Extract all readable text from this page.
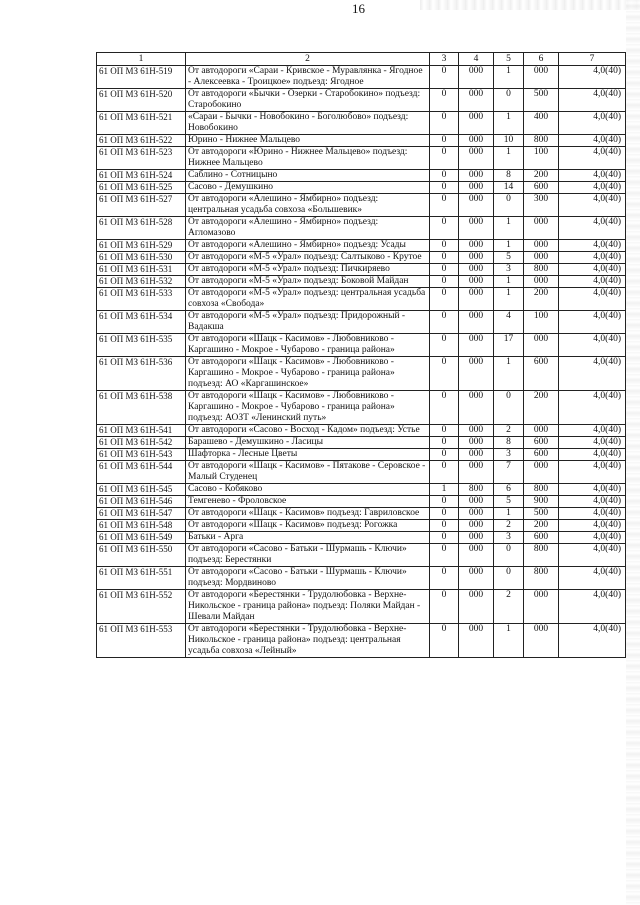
16
1	2	3	4	5	6	7
61 ОП МЗ 61Н-519	От автодороги «Сараи - Кривское - Муравлянка - Ягодное - Алексеевка - Троицкое» подъезд: Ягодное	0	000	1	000	4,0(40)
61 ОП МЗ 61Н-520	От автодороги «Бычки - Озерки - Старобокино» подъезд: Старобокино	0	000	0	500	4,0(40)
61 ОП МЗ 61Н-521	«Сараи - Бычки - Новобокино - Боголюбово» подъезд: Новобокино	0	000	1	400	4,0(40)
61 ОП МЗ 61Н-522	Юрино - Нижнее Мальцево	0	000	10	800	4,0(40)
61 ОП МЗ 61Н-523	От автодороги «Юрино - Нижнее Мальцево» подъезд: Нижнее Мальцево	0	000	1	100	4,0(40)
61 ОП МЗ 61Н-524	Саблино - Сотницыно	0	000	8	200	4,0(40)
61 ОП МЗ 61Н-525	Сасово - Демушкино	0	000	14	600	4,0(40)
61 ОП МЗ 61Н-527	От автодороги «Алешино - Ямбирно» подъезд: центральная усадьба совхоза «Большевик»	0	000	0	300	4,0(40)
61 ОП МЗ 61Н-528	От автодороги «Алешино - Ямбирно» подъезд: Агломазово	0	000	1	000	4,0(40)
61 ОП МЗ 61Н-529	От автодороги «Алешино - Ямбирно» подъезд: Усады	0	000	1	000	4,0(40)
61 ОП МЗ 61Н-530	От автодороги «М-5 «Урал» подъезд: Салтыково - Крутое	0	000	5	000	4,0(40)
61 ОП МЗ 61Н-531	От автодороги «М-5 «Урал» подъезд: Пичкиряево	0	000	3	800	4,0(40)
61 ОП МЗ 61Н-532	От автодороги «М-5 «Урал» подъезд: Боковой Майдан	0	000	1	000	4,0(40)
61 ОП МЗ 61Н-533	От автодороги «М-5 «Урал» подъезд: центральная усадьба совхоза «Свобода»	0	000	1	200	4,0(40)
61 ОП МЗ 61Н-534	От автодороги «М-5 «Урал» подъезд: Придорожный - Вадакша	0	000	4	100	4,0(40)
61 ОП МЗ 61Н-535	От автодороги «Шацк - Касимов» - Любовниково - Каргашино - Мокрое - Чубарово - граница района»	0	000	17	000	4,0(40)
61 ОП МЗ 61Н-536	От автодороги «Шацк - Касимов» - Любовниково - Каргашино - Мокрое - Чубарово - граница района» подъезд: АО «Каргашинское»	0	000	1	600	4,0(40)
61 ОП МЗ 61Н-538	От автодороги «Шацк - Касимов» - Любовниково - Каргашино - Мокрое - Чубарово - граница района» подъезд: АОЗТ «Ленинский путь»	0	000	0	200	4,0(40)
61 ОП МЗ 61Н-541	От автодороги «Сасово - Восход - Кадом» подъезд: Устье	0	000	2	000	4,0(40)
61 ОП МЗ 61Н-542	Барашево - Демушкино - Ласицы	0	000	8	600	4,0(40)
61 ОП МЗ 61Н-543	Шафторка - Лесные Цветы	0	000	3	600	4,0(40)
61 ОП МЗ 61Н-544	От автодороги «Шацк - Касимов» - Пятакове - Серовское - Малый Студенец	0	000	7	000	4,0(40)
61 ОП МЗ 61Н-545	Сасово - Кобяково	1	800	6	800	4,0(40)
61 ОП МЗ 61Н-546	Темгенево - Фроловское	0	000	5	900	4,0(40)
61 ОП МЗ 61Н-547	От автодороги «Шацк - Касимов» подъезд: Гавриловское	0	000	1	500	4,0(40)
61 ОП МЗ 61Н-548	От автодороги «Шацк - Касимов» подъезд: Рогожка	0	000	2	200	4,0(40)
61 ОП МЗ 61Н-549	Батьки - Арга	0	000	3	600	4,0(40)
61 ОП МЗ 61Н-550	От автодороги «Сасово - Батьки - Шурмашь - Ключи» подъезд: Берестянки	0	000	0	800	4,0(40)
61 ОП МЗ 61Н-551	От автодороги «Сасово - Батьки - Шурмашь - Ключи» подъезд: Мордвиново	0	000	0	800	4,0(40)
61 ОП МЗ 61Н-552	От автодороги «Берестянки - Трудолюбовка - Верхне-Никольское - граница района» подъезд: Поляки Майдан - Шевали Майдан	0	000	2	000	4,0(40)
61 ОП МЗ 61Н-553	От автодороги «Берестянки - Трудолюбовка - Верхне-Никольское - граница района» подъезд: центральная усадьба совхоза «Лейный»	0	000	1	000	4,0(40)
